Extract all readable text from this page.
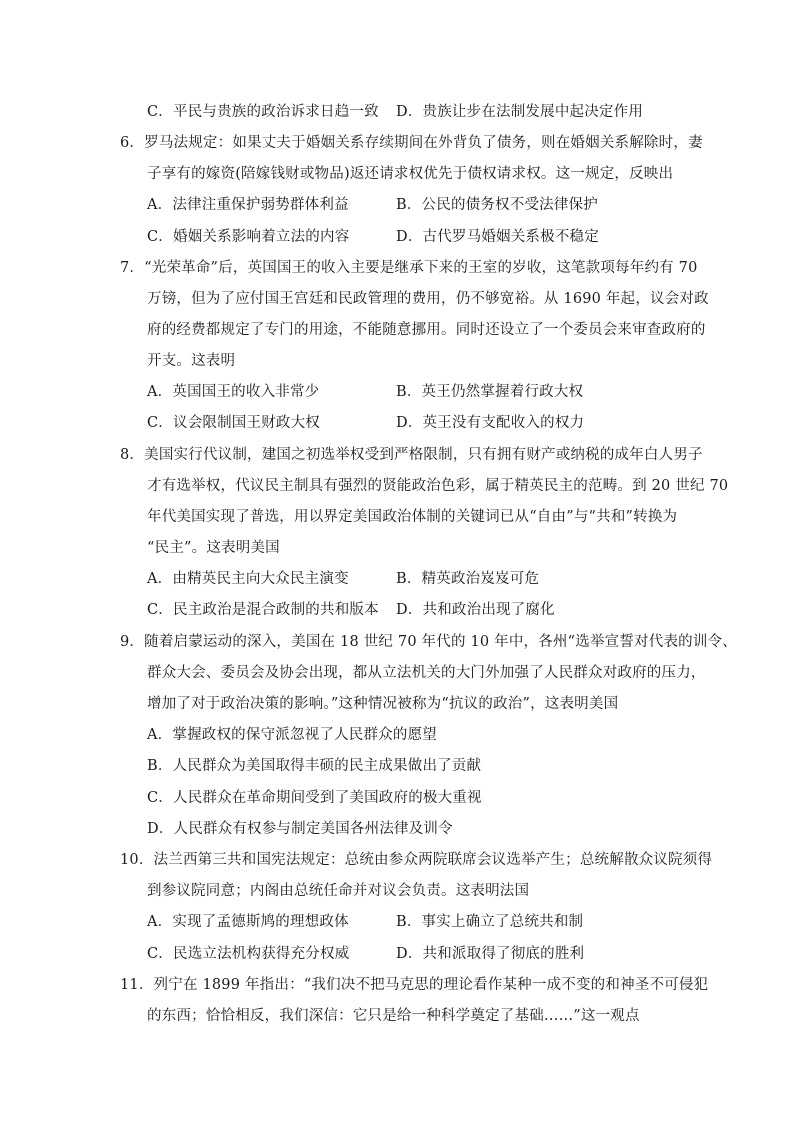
C．平民与贵族的政治诉求日趋一致 D．贵族让步在法制发展中起决定作用
6．罗马法规定：如果丈夫于婚姻关系存续期间在外背负了债务，则在婚姻关系解除时，妻
子享有的嫁资(陪嫁钱财或物品)返还请求权优先于债权请求权。这一规定，反映出
A．法律注重保护弱势群体利益	B．公民的债务权不受法律保护
C．婚姻关系影响着立法的内容	D．古代罗马婚姻关系极不稳定
7．“光荣革命”后，英国国王的收入主要是继承下来的王室的岁收，这笔款项每年约有 70
万镑，但为了应付国王宫廷和民政管理的费用，仍不够宽裕。从 1690 年起，议会对政
府的经费都规定了专门的用途，不能随意挪用。同时还设立了一个委员会来审查政府的
开支。这表明
A．英国国王的收入非常少	B．英王仍然掌握着行政大权
C．议会限制国王财政大权	D．英王没有支配收入的权力
8．美国实行代议制，建国之初选举权受到严格限制，只有拥有财产或纳税的成年白人男子
才有选举权，代议民主制具有强烈的贤能政治色彩，属于精英民主的范畴。到 20 世纪 70
年代美国实现了普选，用以界定美国政治体制的关键词已从“自由”与“共和”转换为
“民主”。这表明美国
A．由精英民主向大众民主演变	B．精英政治岌岌可危
C．民主政治是混合政制的共和版本 D．共和政治出现了腐化
9．随着启蒙运动的深入，美国在 18 世纪 70 年代的 10 年中，各州“选举宣誓对代表的训令、
群众大会、委员会及协会出现，都从立法机关的大门外加强了人民群众对政府的压力，
增加了对于政治决策的影响。”这种情况被称为“抗议的政治”，这表明美国
A．掌握政权的保守派忽视了人民群众的愿望
B．人民群众为美国取得丰硕的民主成果做出了贡献
C．人民群众在革命期间受到了美国政府的极大重视
D．人民群众有权参与制定美国各州法律及训令
10．法兰西第三共和国宪法规定：总统由参众两院联席会议选举产生；总统解散众议院须得
到参议院同意；内阁由总统任命并对议会负责。这表明法国
A．实现了孟德斯鸠的理想政体	B．事实上确立了总统共和制
C．民选立法机构获得充分权威	D．共和派取得了彻底的胜利
11．列宁在 1899 年指出：“我们决不把马克思的理论看作某种一成不变的和神圣不可侵犯
的东西；恰恰相反，我们深信：它只是给一种科学奠定了基础……”这一观点
